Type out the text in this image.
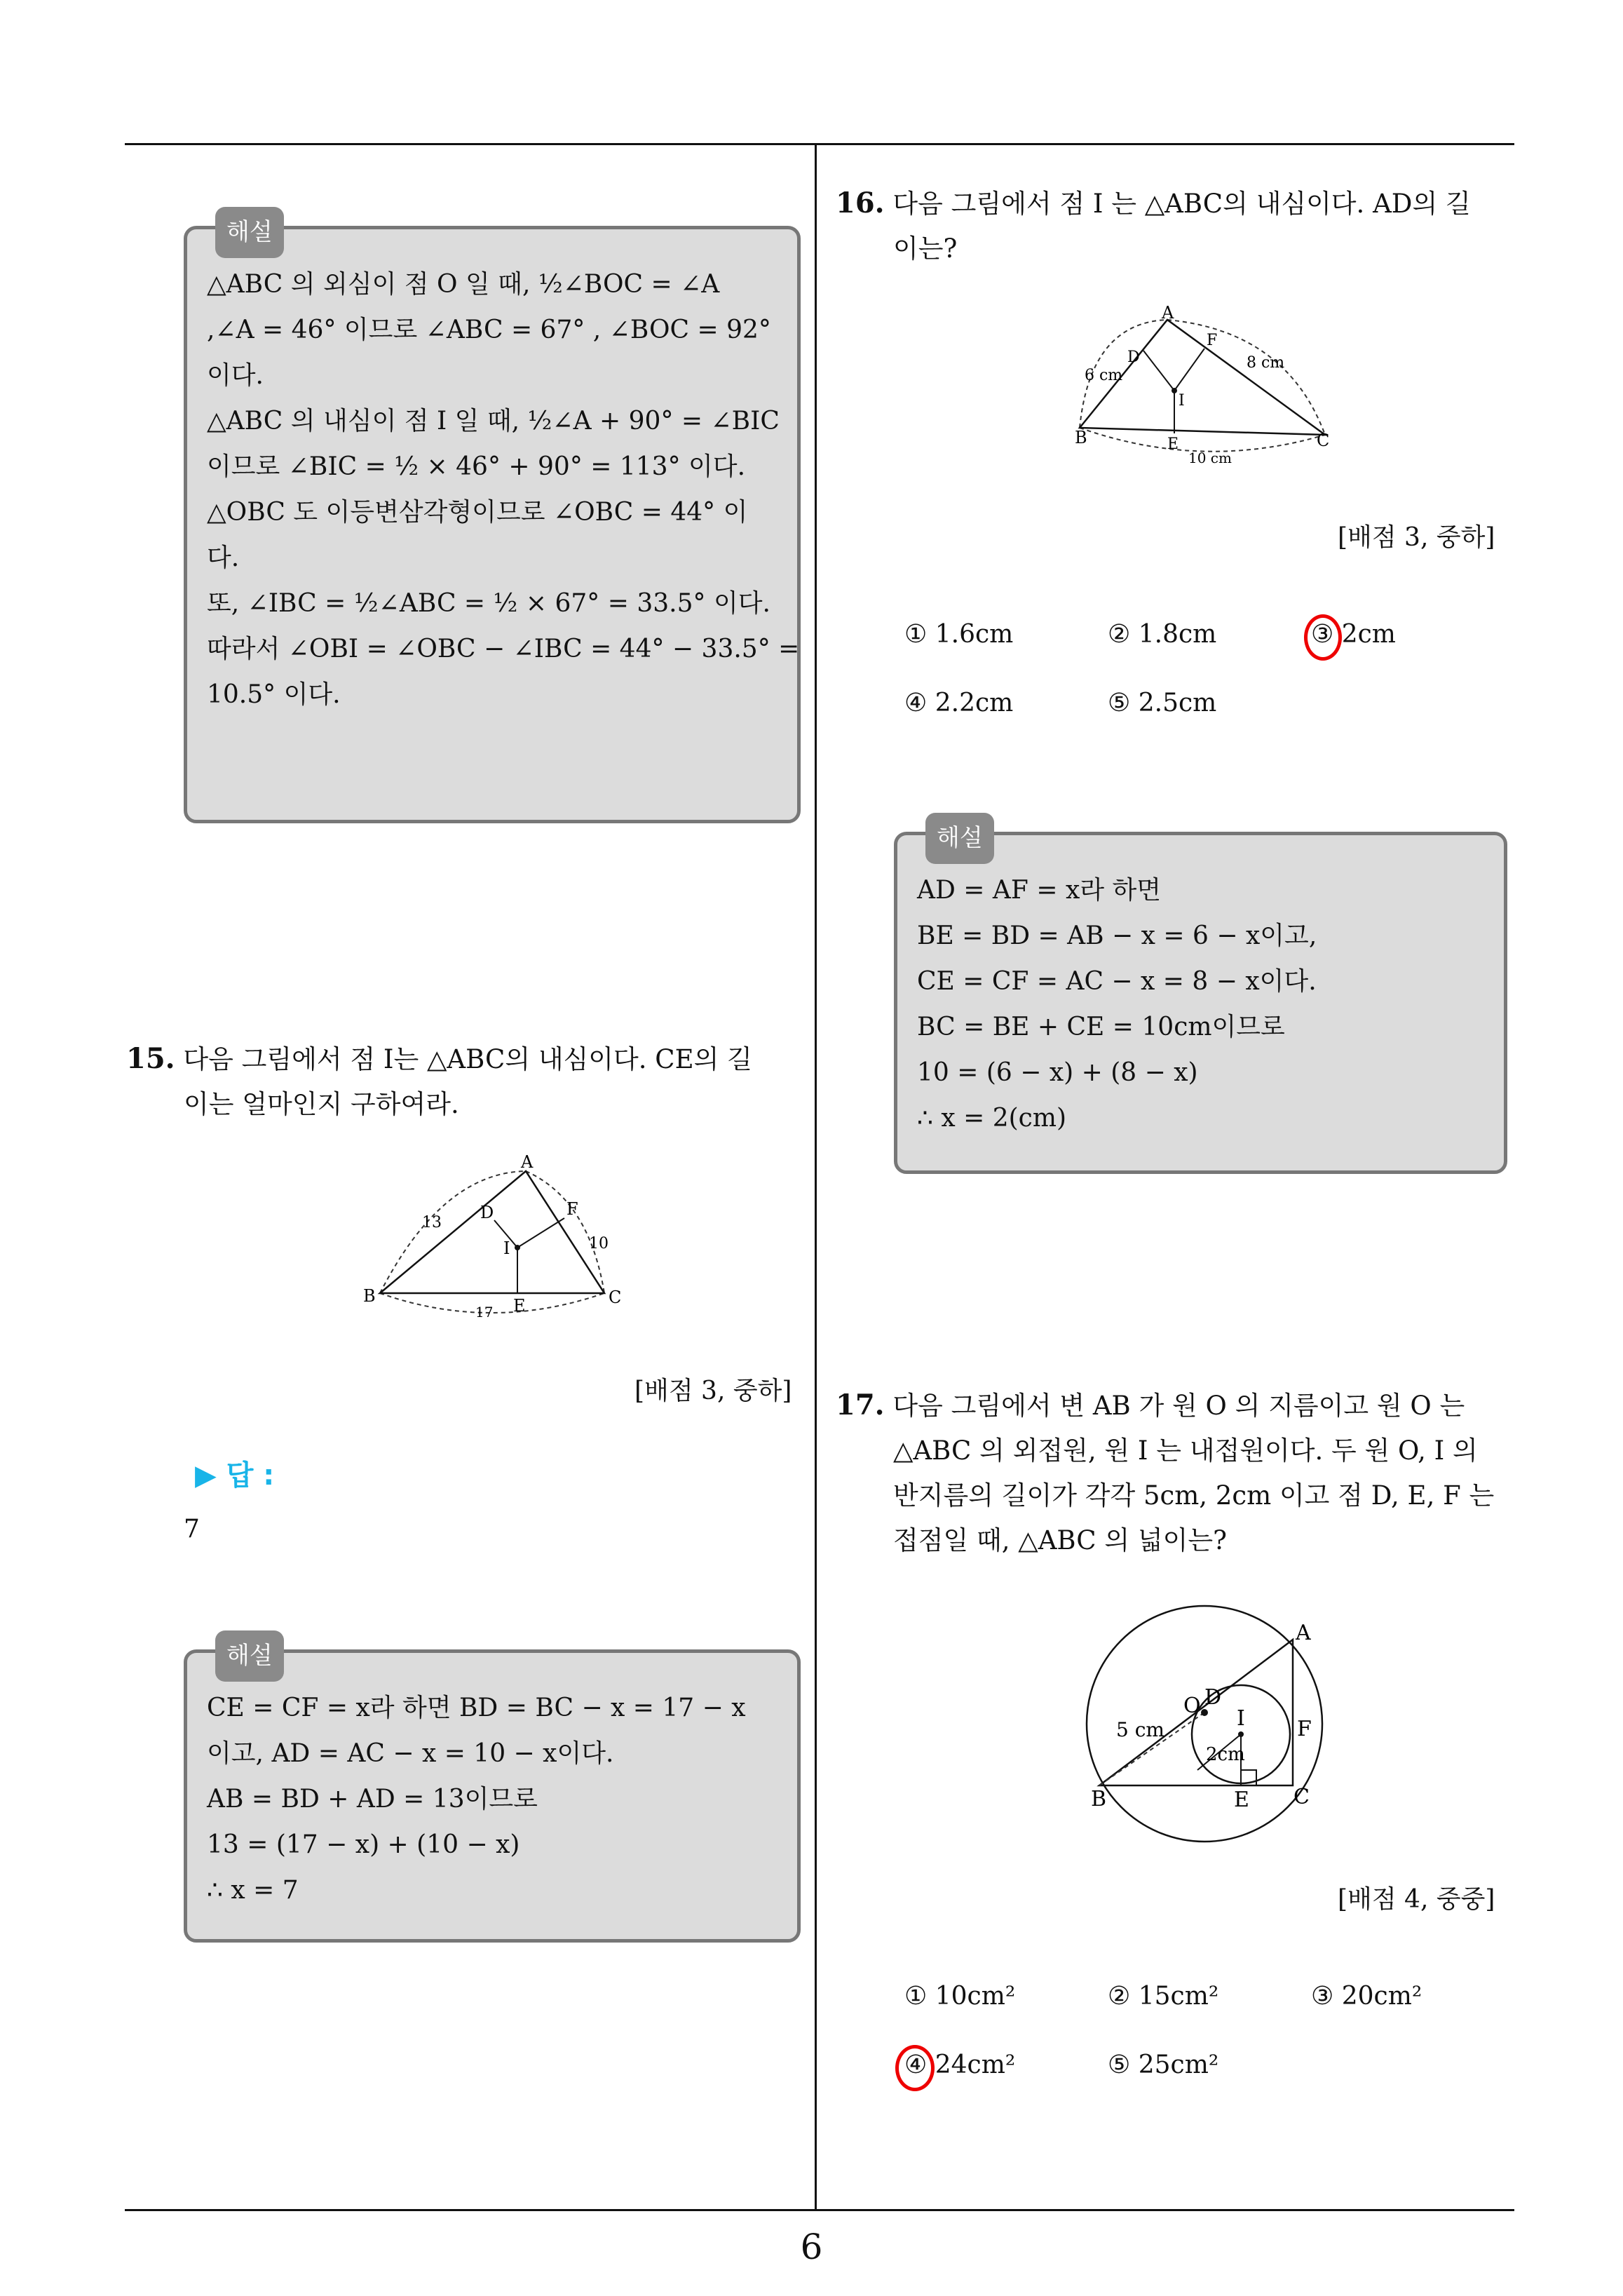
해설
△ABC 의 외심이 점 O 일 때, ½∠BOC = ∠A
,∠A = 46° 이므로 ∠ABC = 67° , ∠BOC = 92°
이다.
△ABC 의 내심이 점 I 일 때, ½∠A + 90° = ∠BIC
이므로 ∠BIC = ½ × 46° + 90° = 113° 이다.
△OBC 도 이등변삼각형이므로 ∠OBC = 44° 이
다.
또, ∠IBC = ½∠ABC = ½ × 67° = 33.5° 이다.
따라서 ∠OBI = ∠OBC − ∠IBC = 44° − 33.5° =
10.5° 이다.

15. 다음 그림에서 점 I는 △ABC의 내심이다. CE의 길

이는 얼마인지 구하여라.

A
B	C
D
E
F
I
13
10
17
[배점 3, 중하]
▶ 답 :
7
해설
CE = CF = x라 하면 BD = BC − x = 17 − x
이고, AD = AC − x = 10 − x이다.
AB = BD + AD = 13이므로
13 = (17 − x) + (10 − x)
∴ x = 7

16. 다음 그림에서 점 I 는 △ABC의 내심이다. AD의 길

이는?

A
B	C
D
E
F
I
6 cm
8 cm
10 cm
[배점 3, 중하]
① 1.6cm	② 1.8cm	③ 2cm
④ 2.2cm	⑤ 2.5cm
해설
AD = AF = x라 하면
BE = BD = AB − x = 6 − x이고,
CE = CF = AC − x = 8 − x이다.
BC = BE + CE = 10cm이므로
10 = (6 − x) + (8 − x)
∴ x = 2(cm)

17. 다음 그림에서 변 AB 가 원 O 의 지름이고 원 O 는

△ABC 의 외접원, 원 I 는 내접원이다. 두 원 O, I 의

반지름의 길이가 각각 5cm, 2cm 이고 점 D, E, F 는

접점일 때, △ABC 의 넓이는?

A
B	C
D
E
F
I
O
5 cm
2cm
[배점 4, 중중]
① 10cm²	② 15cm²	③ 20cm²
④ 24cm²	⑤ 25cm²
6
